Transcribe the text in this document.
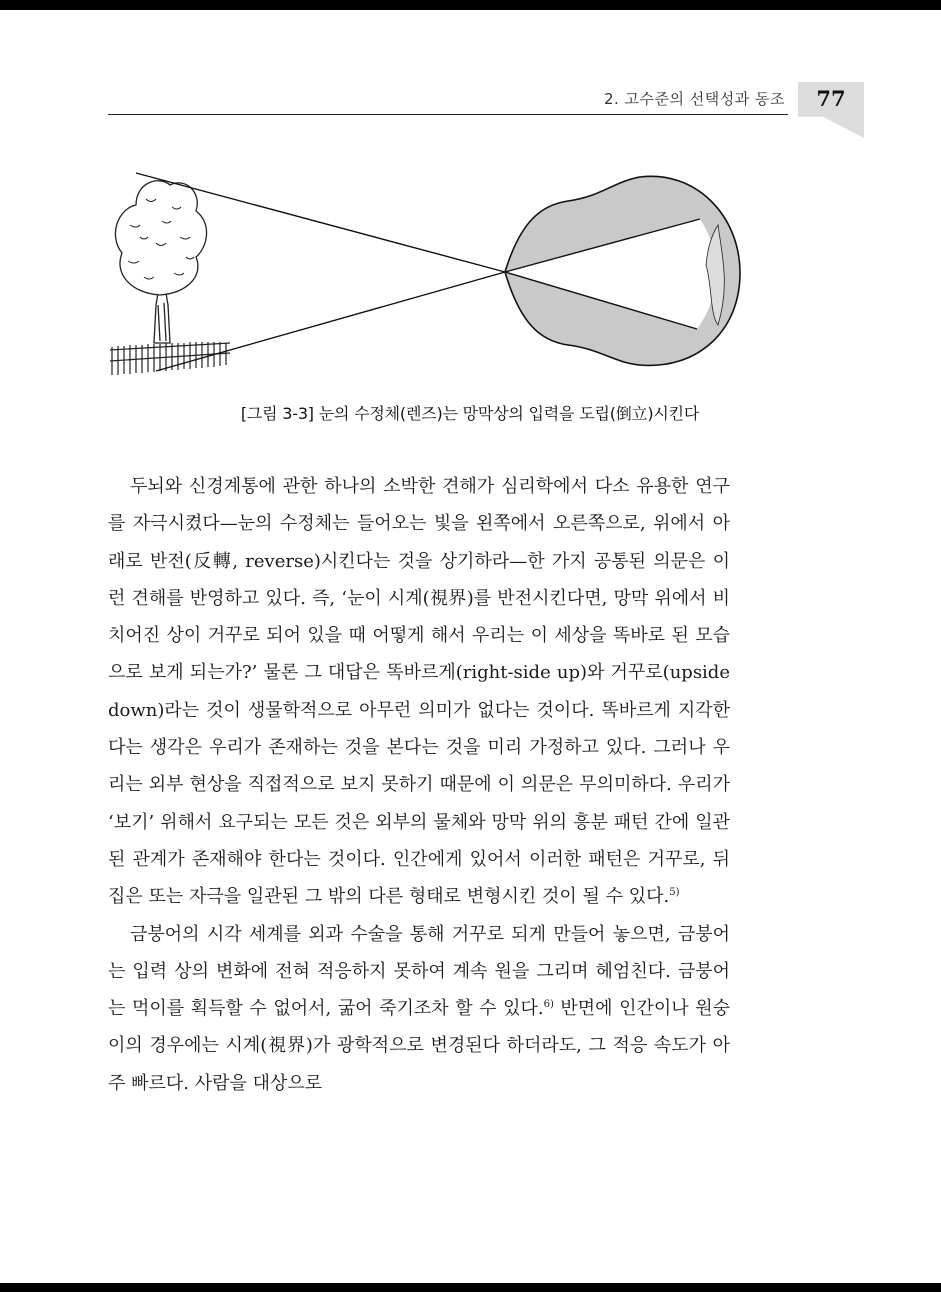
2. 고수준의 선택성과 동조	77
[그림 3-3] 눈의 수정체(렌즈)는 망막상의 입력을 도립(倒立)시킨다

두뇌와 신경계통에 관한 하나의 소박한 견해가 심리학에서 다소 유용한 연구를 자극시켰다—눈의 수정체는 들어오는 빛을 왼쪽에서 오른쪽으로, 위에서 아래로 반전(反轉, reverse)시킨다는 것을 상기하라—한 가지 공통된 의문은 이런 견해를 반영하고 있다. 즉, ‘눈이 시계(視界)를 반전시킨다면, 망막 위에서 비치어진 상이 거꾸로 되어 있을 때 어떻게 해서 우리는 이 세상을 똑바로 된 모습으로 보게 되는가?’ 물론 그 대답은 똑바르게(right-side up)와 거꾸로(upside down)라는 것이 생물학적으로 아무런 의미가 없다는 것이다. 똑바르게 지각한다는 생각은 우리가 존재하는 것을 본다는 것을 미리 가정하고 있다. 그러나 우리는 외부 현상을 직접적으로 보지 못하기 때문에 이 의문은 무의미하다. 우리가 ‘보기’ 위해서 요구되는 모든 것은 외부의 물체와 망막 위의 흥분 패턴 간에 일관된 관계가 존재해야 한다는 것이다. 인간에게 있어서 이러한 패턴은 거꾸로, 뒤집은 또는 자극을 일관된 그 밖의 다른 형태로 변형시킨 것이 될 수 있다.$^{5)}$

금붕어의 시각 세계를 외과 수술을 통해 거꾸로 되게 만들어 놓으면, 금붕어는 입력 상의 변화에 전혀 적응하지 못하여 계속 원을 그리며 헤엄친다. 금붕어는 먹이를 획득할 수 없어서, 굶어 죽기조차 할 수 있다.$^{6)}$ 반면에 인간이나 원숭이의 경우에는 시계(視界)가 광학적으로 변경된다 하더라도, 그 적응 속도가 아주 빠르다. 사람을 대상으로
